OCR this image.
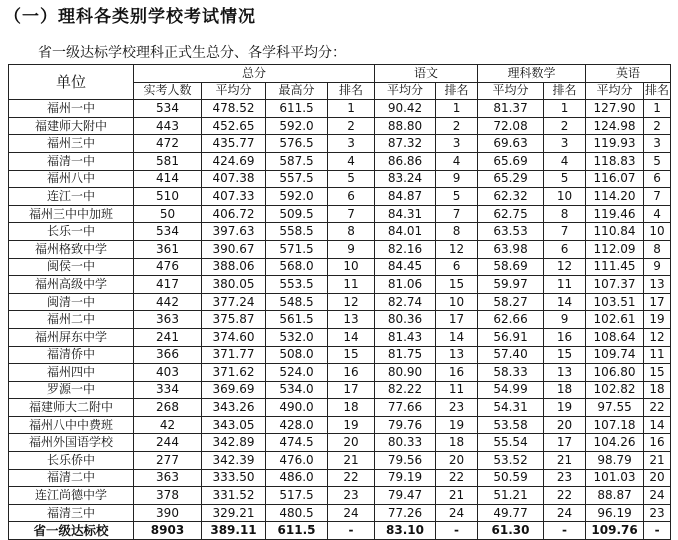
（一）理科各类别学校考试情况
省一级达标学校理科正式生总分、各学科平均分：
单位	总分				语文		理科数学		英语	
	实考人数	平均分	最高分	排名	平均分	排名	平均分	排名	平均分	排名
福州一中	534	478.52	611.5	1	90.42	1	81.37	1	127.90	1
福建师大附中	443	452.65	592.0	2	88.80	2	72.08	2	124.98	2
福州三中	472	435.77	576.5	3	87.32	3	69.63	3	119.93	3
福清一中	581	424.69	587.5	4	86.86	4	65.69	4	118.83	5
福州八中	414	407.38	557.5	5	83.24	9	65.29	5	116.07	6
连江一中	510	407.33	592.0	6	84.87	5	62.32	10	114.20	7
福州三中中加班	50	406.72	509.5	7	84.31	7	62.75	8	119.46	4
长乐一中	534	397.63	558.5	8	84.01	8	63.53	7	110.84	10
福州格致中学	361	390.67	571.5	9	82.16	12	63.98	6	112.09	8
闽侯一中	476	388.06	568.0	10	84.45	6	58.69	12	111.45	9
福州高级中学	417	380.05	553.5	11	81.06	15	59.97	11	107.37	13
闽清一中	442	377.24	548.5	12	82.74	10	58.27	14	103.51	17
福州二中	363	375.87	561.5	13	80.36	17	62.66	9	102.61	19
福州屏东中学	241	374.60	532.0	14	81.43	14	56.91	16	108.64	12
福清侨中	366	371.77	508.0	15	81.75	13	57.40	15	109.74	11
福州四中	403	371.62	524.0	16	80.90	16	58.33	13	106.80	15
罗源一中	334	369.69	534.0	17	82.22	11	54.99	18	102.82	18
福建师大二附中	268	343.26	490.0	18	77.66	23	54.31	19	97.55	22
福州八中中费班	42	343.05	428.0	19	79.76	19	53.58	20	107.18	14
福州外国语学校	244	342.89	474.5	20	80.33	18	55.54	17	104.26	16
长乐侨中	277	342.39	476.0	21	79.56	20	53.52	21	98.79	21
福清二中	363	333.50	486.0	22	79.19	22	50.59	23	101.03	20
连江尚德中学	378	331.52	517.5	23	79.47	21	51.21	22	88.87	24
福清三中	390	329.21	480.5	24	77.26	24	49.77	24	96.19	23
省一级达标校	8903	389.11	611.5	-	83.10	-	61.30	-	109.76	-
